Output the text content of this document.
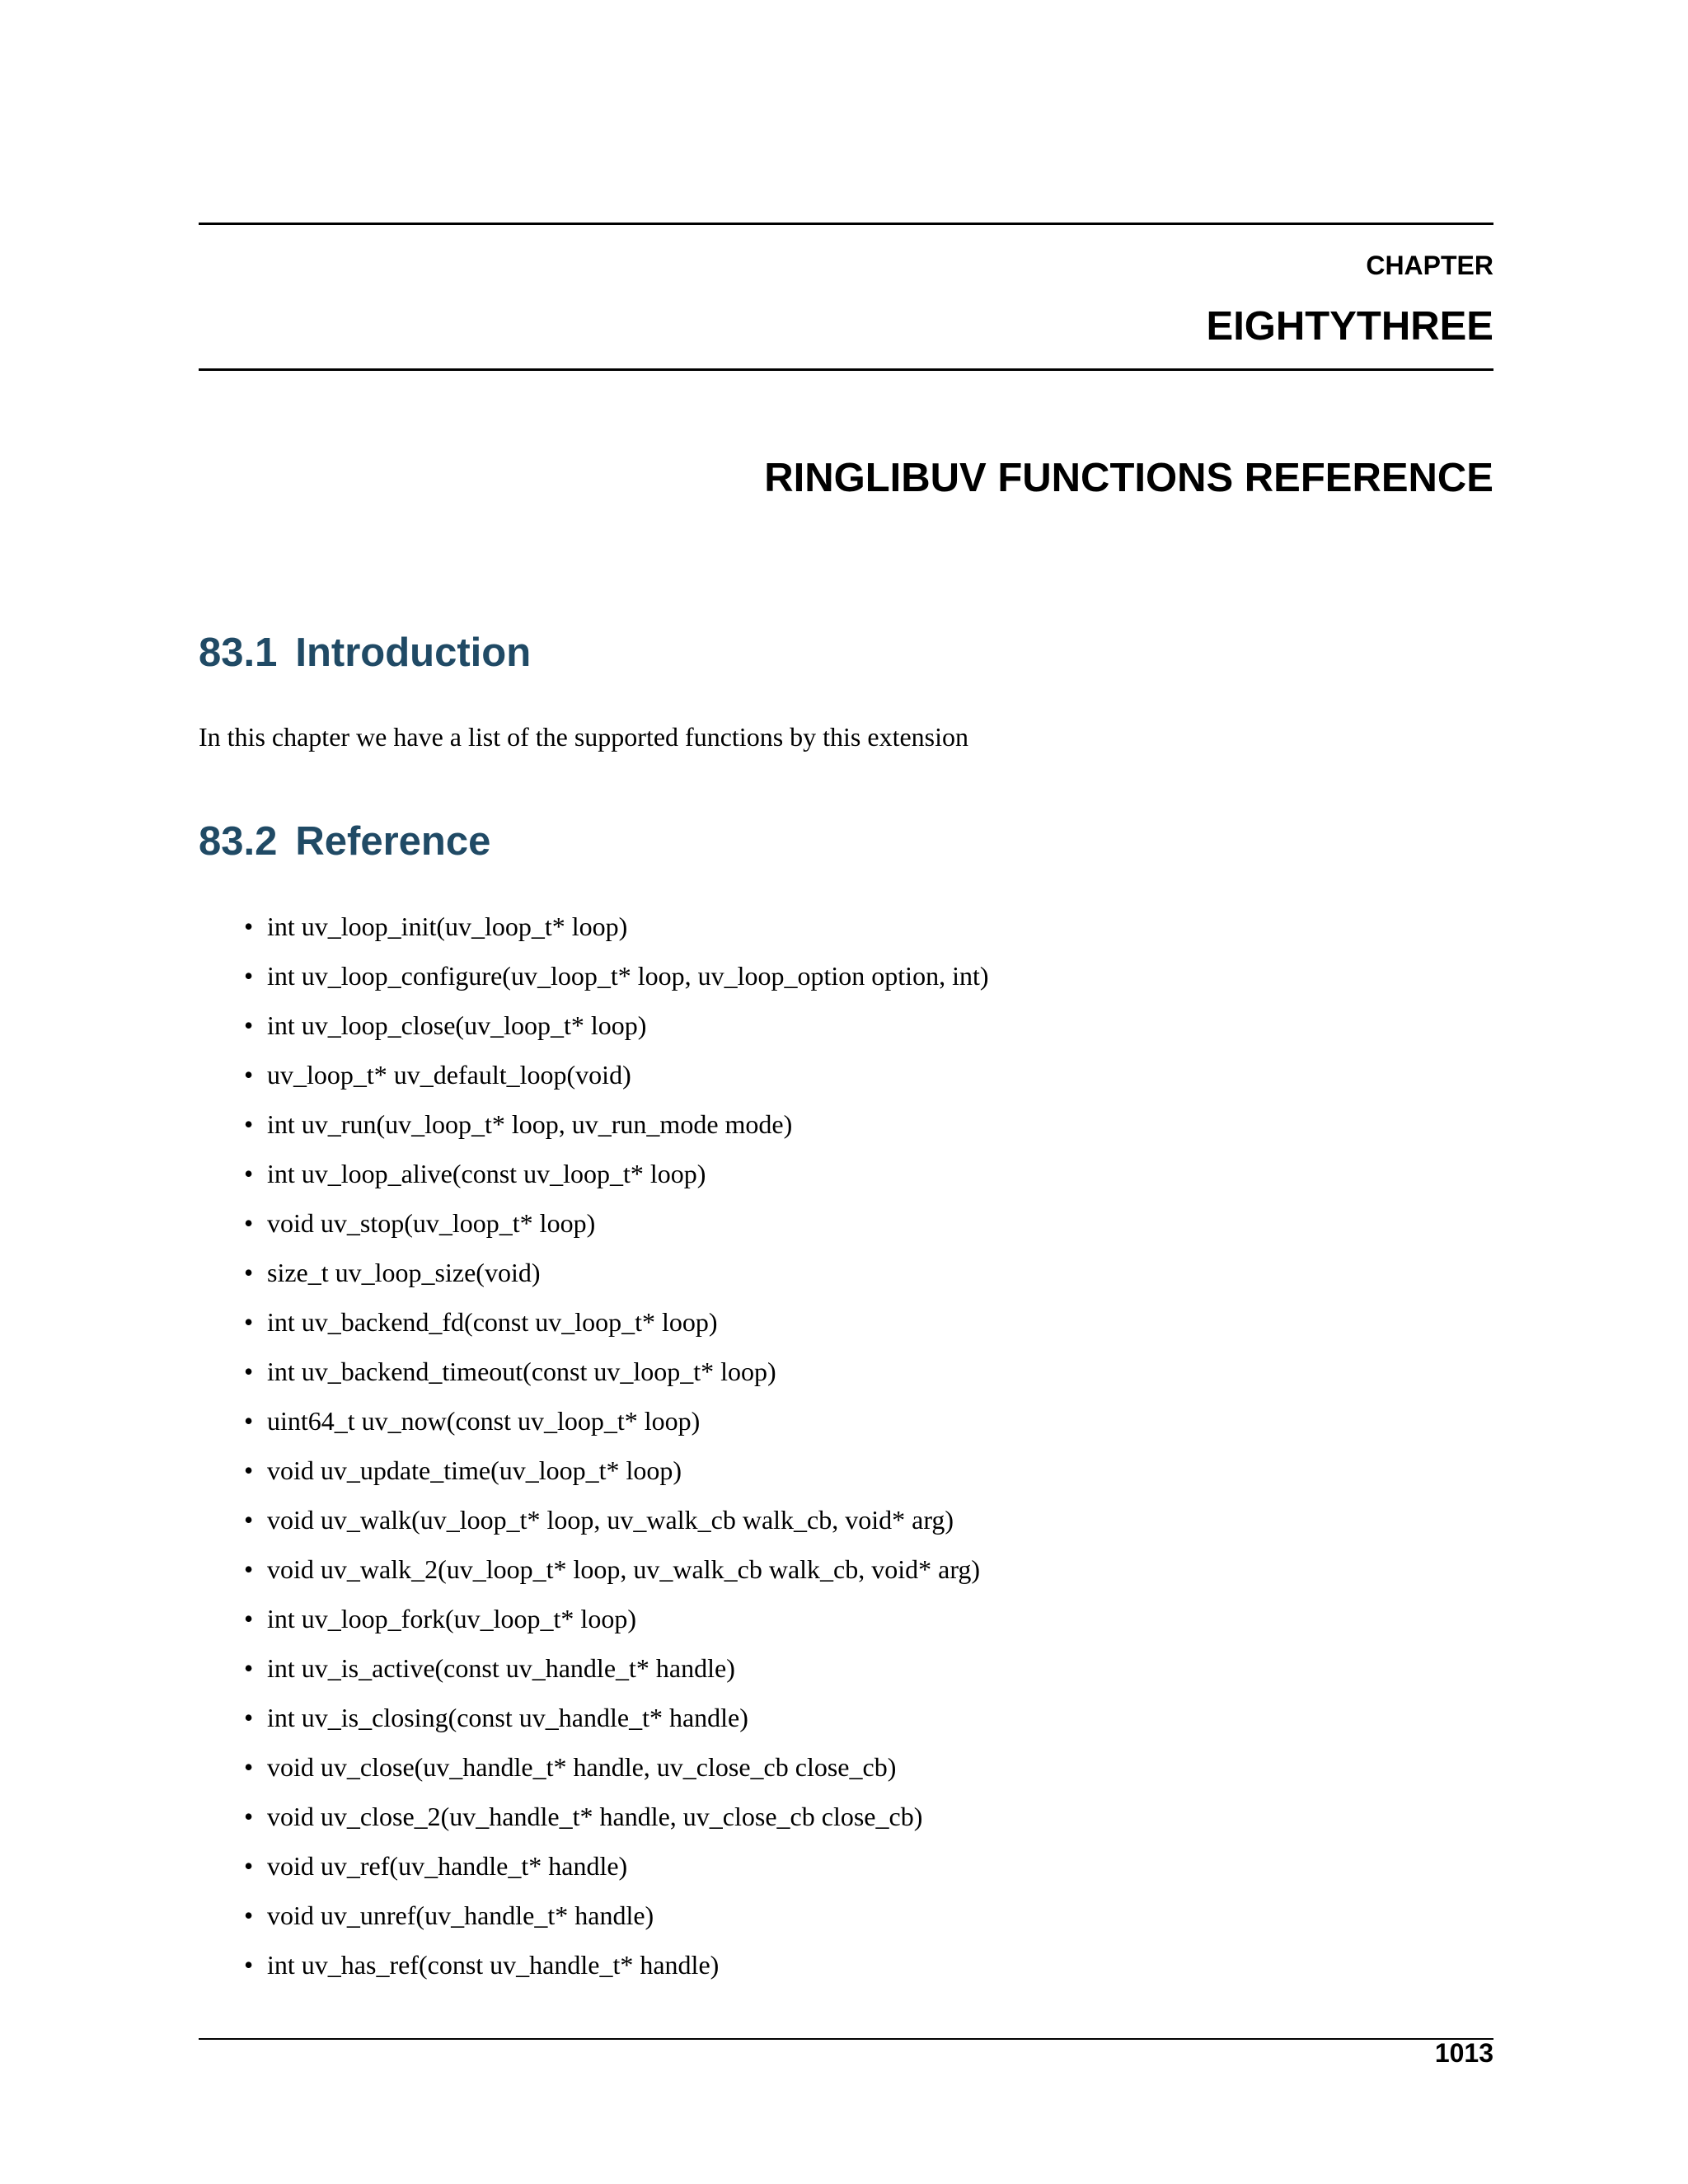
CHAPTER
EIGHTYTHREE
RINGLIBUV FUNCTIONS REFERENCE
83.1 Introduction

In this chapter we have a list of the supported functions by this extension

83.2 Reference
• int uv_loop_init(uv_loop_t* loop)
• int uv_loop_configure(uv_loop_t* loop, uv_loop_option option, int)
• int uv_loop_close(uv_loop_t* loop)
• uv_loop_t* uv_default_loop(void)
• int uv_run(uv_loop_t* loop, uv_run_mode mode)
• int uv_loop_alive(const uv_loop_t* loop)
• void uv_stop(uv_loop_t* loop)
• size_t uv_loop_size(void)
• int uv_backend_fd(const uv_loop_t* loop)
• int uv_backend_timeout(const uv_loop_t* loop)
• uint64_t uv_now(const uv_loop_t* loop)
• void uv_update_time(uv_loop_t* loop)
• void uv_walk(uv_loop_t* loop, uv_walk_cb walk_cb, void* arg)
• void uv_walk_2(uv_loop_t* loop, uv_walk_cb walk_cb, void* arg)
• int uv_loop_fork(uv_loop_t* loop)
• int uv_is_active(const uv_handle_t* handle)
• int uv_is_closing(const uv_handle_t* handle)
• void uv_close(uv_handle_t* handle, uv_close_cb close_cb)
• void uv_close_2(uv_handle_t* handle, uv_close_cb close_cb)
• void uv_ref(uv_handle_t* handle)
• void uv_unref(uv_handle_t* handle)
• int uv_has_ref(const uv_handle_t* handle)
1013
